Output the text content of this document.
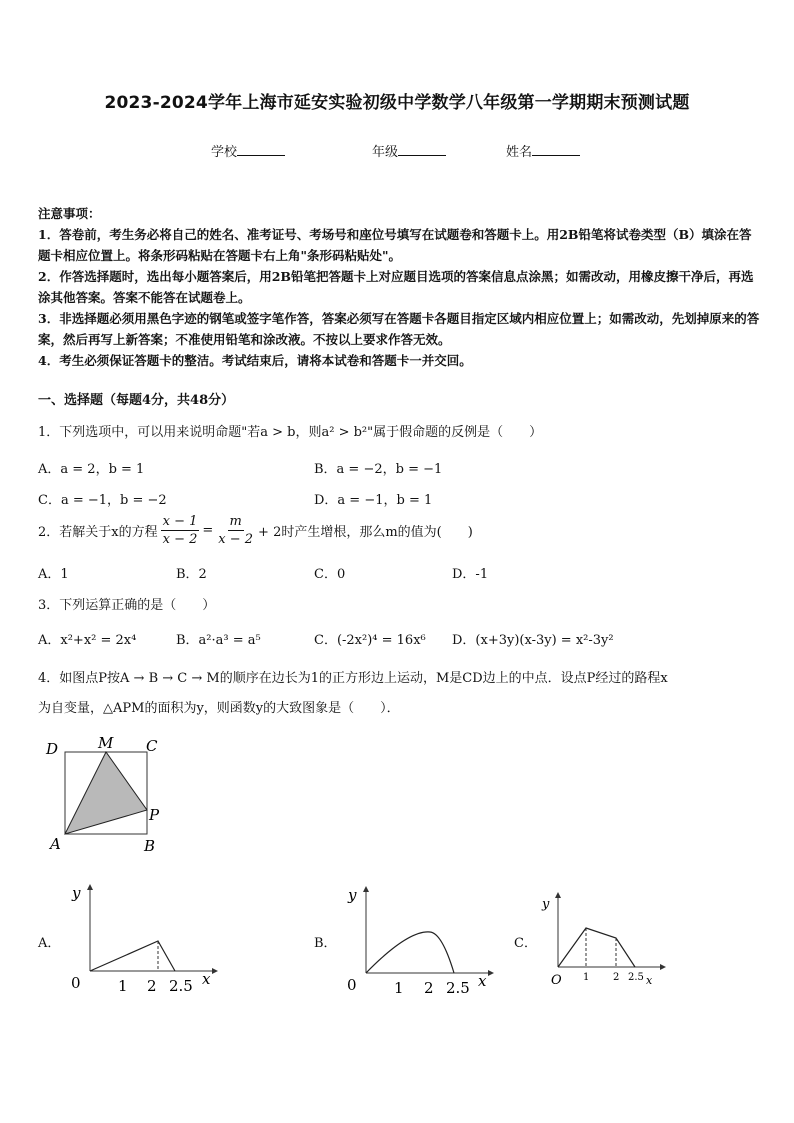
2023-2024学年上海市延安实验初级中学数学八年级第一学期期末预测试题
学校	年级	姓名
注意事项：
1．答卷前，考生务必将自己的姓名、准考证号、考场号和座位号填写在试题卷和答题卡上。用2B铅笔将试卷类型（B）填涂在答题卡相应位置上。将条形码粘贴在答题卡右上角"条形码粘贴处"。
2．作答选择题时，选出每小题答案后，用2B铅笔把答题卡上对应题目选项的答案信息点涂黑；如需改动，用橡皮擦干净后，再选涂其他答案。答案不能答在试题卷上。
3．非选择题必须用黑色字迹的钢笔或签字笔作答，答案必须写在答题卡各题目指定区域内相应位置上；如需改动，先划掉原来的答案，然后再写上新答案；不准使用铅笔和涂改液。不按以上要求作答无效。
4．考生必须保证答题卡的整洁。考试结束后，请将本试卷和答题卡一并交回。
一、选择题（每题4分，共48分）
1．下列选项中，可以用来说明命题"若a > b，则a² > b²"属于假命题的反例是（　　）
A．a = 2，b = 1	B．a = −2，b = −1
C．a = −1，b = −2	D．a = −1，b = 1
2．若解关于x的方程 $\frac{x - 1}{x - 2} = \frac{m}{x - 2} + 2$时产生增根，那么m的值为(　　)
A．1	B．2	C．0	D．-1
3．下列运算正确的是（　　）
A．x²+x² = 2x⁴	B．a²·a³ = a⁵	C．(-2x²)⁴ = 16x⁶ D．(x+3y)(x-3y) = x²-3y²
4．如图点P按A → B → C → M的顺序在边长为1的正方形边上运动，M是CD边上的中点．设点P经过的路程x
为自变量，△APM的面积为y，则函数y的大致图象是（　　）．
D	M C
P
A	B
A．
y
x
0 1 2 2.5
B．
y
x
0 1 2 2.5
C．
y
x
O 1 2 2.5
